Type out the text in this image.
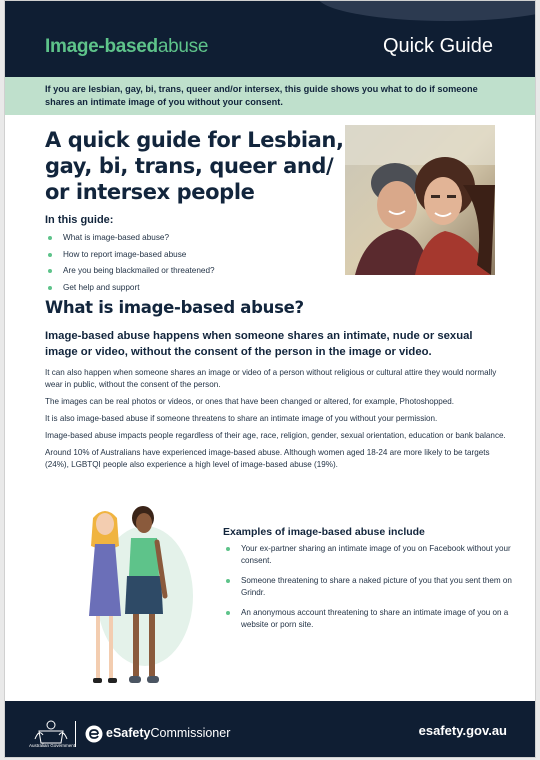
Image-basedabuse	Quick Guide
If you are lesbian, gay, bi, trans, queer and/or intersex, this guide shows you what to do if someone shares an intimate image of you without your consent.
A quick guide for Lesbian, gay, bi, trans, queer and/ or intersex people
In this guide:
What is image-based abuse?
How to report image-based abuse
Are you being blackmailed or threatened?
Get help and support
What is image-based abuse?
Image-based abuse happens when someone shares an intimate, nude or sexual image or video, without the consent of the person in the image or video.

It can also happen when someone shares an image or video of a person without religious or cultural attire they would normally wear in public, without the consent of the person.

The images can be real photos or videos, or ones that have been changed or altered, for example, Photoshopped.

It is also image-based abuse if someone threatens to share an intimate image of you without your permission.

Image-based abuse impacts people regardless of their age, race, religion, gender, sexual orientation, education or bank balance.

Around 10% of Australians have experienced image-based abuse. Although women aged 18-24 are more likely to be targets (24%), LGBTQI people also experience a high level of image-based abuse (19%).

Examples of image-based abuse include
Your ex-partner sharing an intimate image of you on Facebook without your consent.
Someone threatening to share a naked picture of you that you sent them on Grindr.
An anonymous account threatening to share an intimate image of you on a website or porn site.
Australian Government
eSafetyCommissioner	esafety.gov.au
